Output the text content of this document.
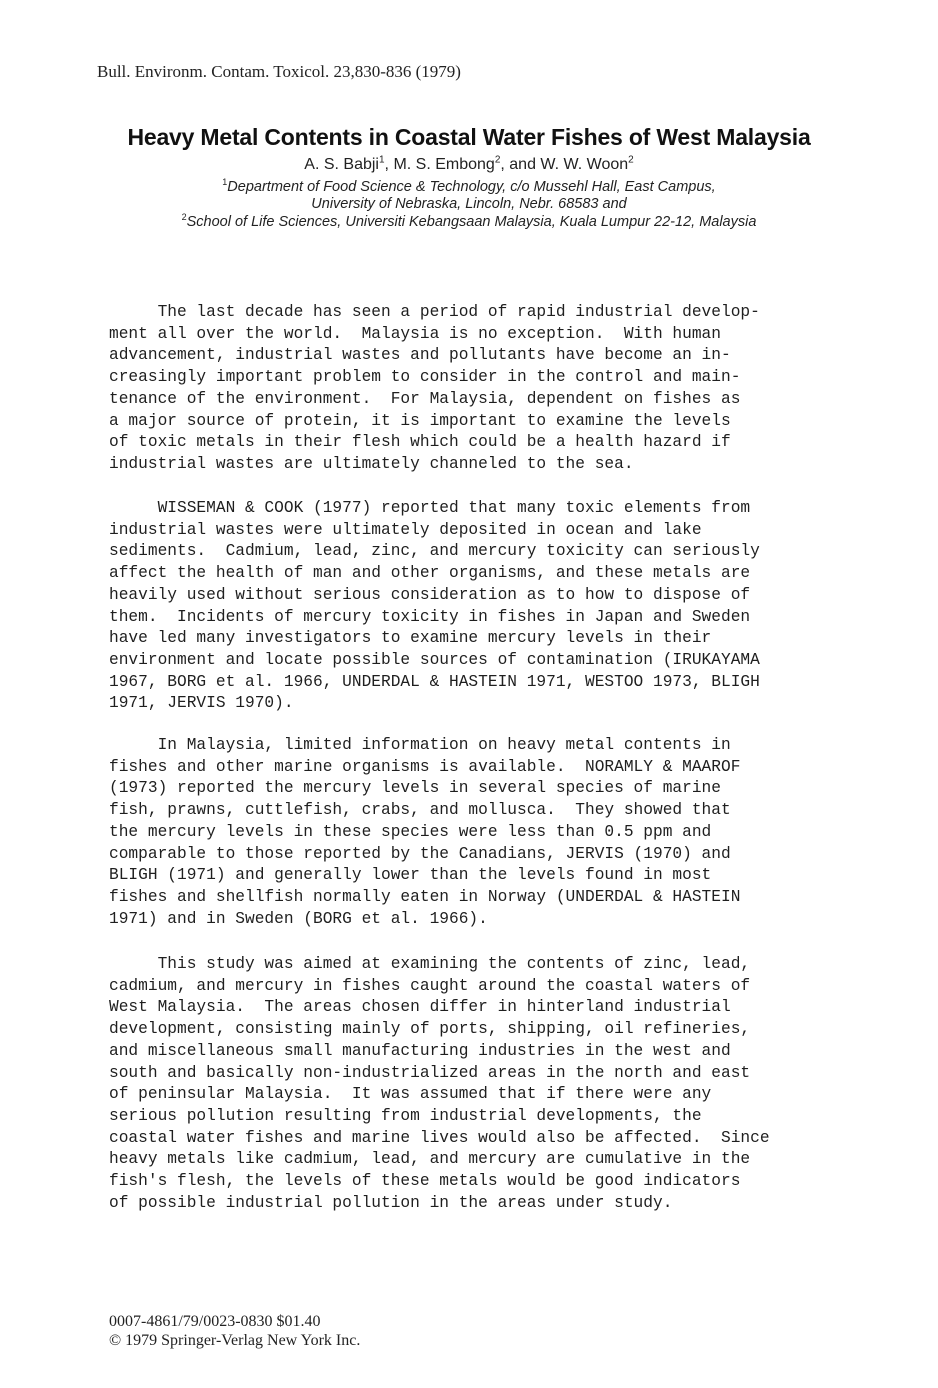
Bull. Environm. Contam. Toxicol. 23,830-836 (1979)
Heavy Metal Contents in Coastal Water Fishes of West Malaysia
A. S. Babji$^1$, M. S. Embong$^2$, and W. W. Woon$^2$
$^1$Department of Food Science & Technology, c/o Mussehl Hall, East Campus,
University of Nebraska, Lincoln, Nebr. 68583 and
$^2$School of Life Sciences, Universiti Kebangsaan Malaysia, Kuala Lumpur 22-12, Malaysia

The last decade has seen a period of rapid industrial develop-
ment all over the world.  Malaysia is no exception.  With human
advancement, industrial wastes and pollutants have become an in-
creasingly important problem to consider in the control and main-
tenance of the environment.  For Malaysia, dependent on fishes as
a major source of protein, it is important to examine the levels
of toxic metals in their flesh which could be a health hazard if
industrial wastes are ultimately channeled to the sea.

WISSEMAN & COOK (1977) reported that many toxic elements from
industrial wastes were ultimately deposited in ocean and lake
sediments.  Cadmium, lead, zinc, and mercury toxicity can seriously
affect the health of man and other organisms, and these metals are
heavily used without serious consideration as to how to dispose of
them.  Incidents of mercury toxicity in fishes in Japan and Sweden
have led many investigators to examine mercury levels in their
environment and locate possible sources of contamination (IRUKAYAMA
1967, BORG et al. 1966, UNDERDAL & HASTEIN 1971, WESTOO 1973, BLIGH
1971, JERVIS 1970).

In Malaysia, limited information on heavy metal contents in
fishes and other marine organisms is available.  NORAMLY & MAAROF
(1973) reported the mercury levels in several species of marine
fish, prawns, cuttlefish, crabs, and mollusca.  They showed that
the mercury levels in these species were less than 0.5 ppm and
comparable to those reported by the Canadians, JERVIS (1970) and
BLIGH (1971) and generally lower than the levels found in most
fishes and shellfish normally eaten in Norway (UNDERDAL & HASTEIN
1971) and in Sweden (BORG et al. 1966).

This study was aimed at examining the contents of zinc, lead,
cadmium, and mercury in fishes caught around the coastal waters of
West Malaysia.  The areas chosen differ in hinterland industrial
development, consisting mainly of ports, shipping, oil refineries,
and miscellaneous small manufacturing industries in the west and
south and basically non-industrialized areas in the north and east
of peninsular Malaysia.  It was assumed that if there were any
serious pollution resulting from industrial developments, the
coastal water fishes and marine lives would also be affected.  Since
heavy metals like cadmium, lead, and mercury are cumulative in the
fish's flesh, the levels of these metals would be good indicators
of possible industrial pollution in the areas under study.

0007-4861/79/0023-0830 $01.40
© 1979 Springer-Verlag New York Inc.
